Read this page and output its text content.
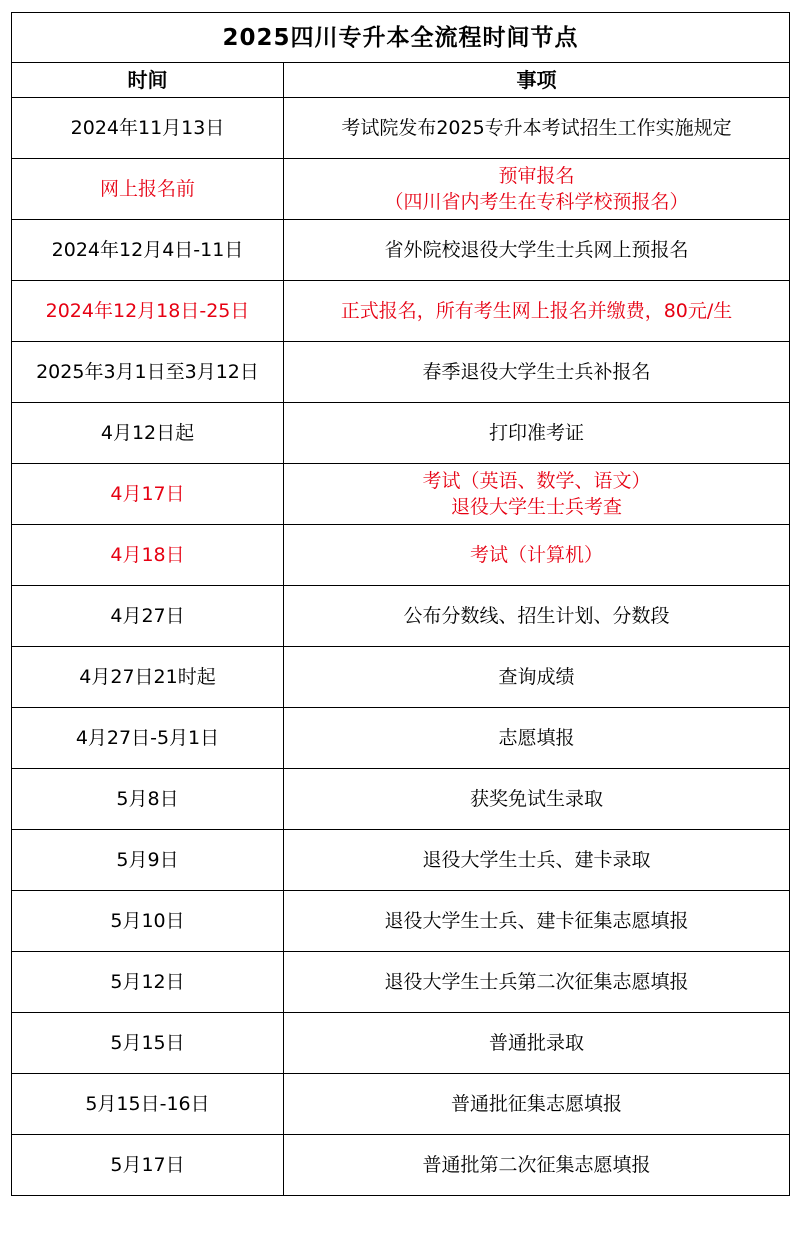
2025四川专升本全流程时间节点	
时间	事项
2024年11月13日	考试院发布2025专升本考试招生工作实施规定

网上报名前	预审报名
（四川省内考生在专科学校预报名）

2024年12月4日-11日	省外院校退役大学生士兵网上预报名

2024年12月18日-25日	正式报名，所有考生网上报名并缴费，80元/生

2025年3月1日至3月12日	春季退役大学生士兵补报名

4月12日起	打印准考证

4月17日	考试（英语、数学、语文）
退役大学生士兵考查

4月18日	考试（计算机）

4月27日	公布分数线、招生计划、分数段

4月27日21时起	查询成绩

4月27日-5月1日	志愿填报

5月8日	获奖免试生录取

5月9日	退役大学生士兵、建卡录取

5月10日	退役大学生士兵、建卡征集志愿填报

5月12日	退役大学生士兵第二次征集志愿填报

5月15日	普通批录取

5月15日-16日	普通批征集志愿填报

5月17日	普通批第二次征集志愿填报
